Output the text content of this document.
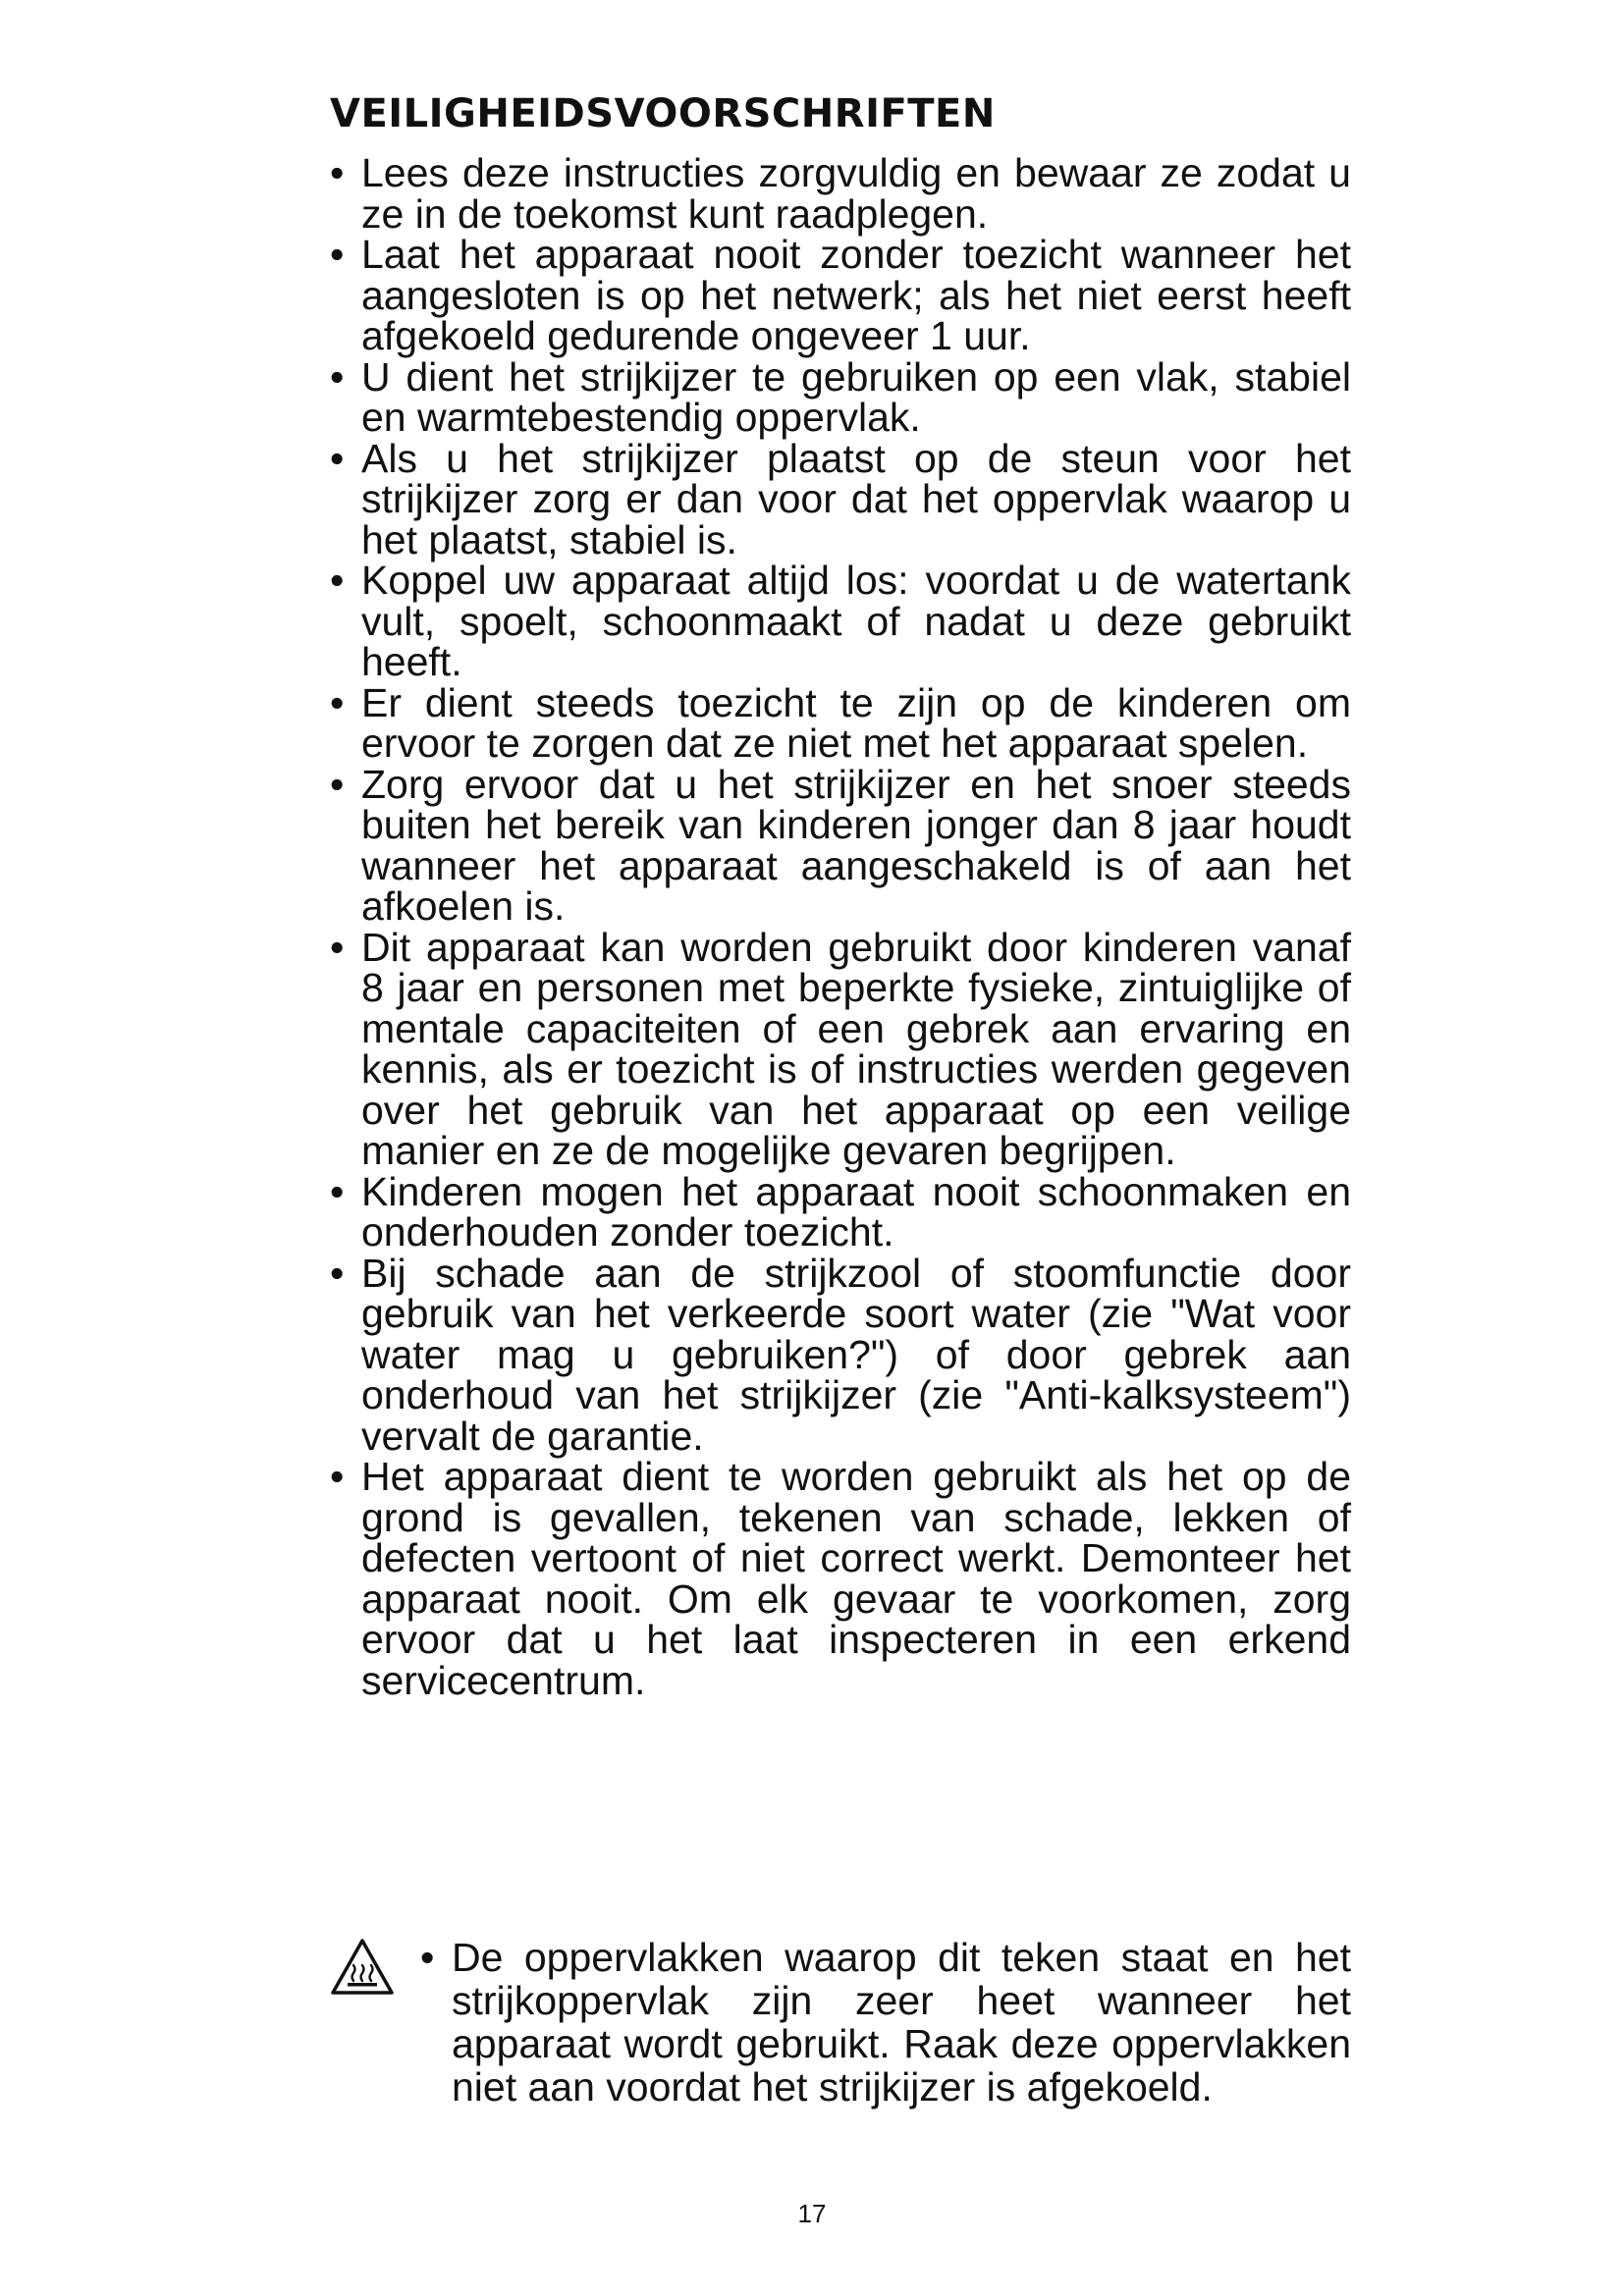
VEILIGHEIDSVOORSCHRIFTEN
• Lees deze instructies zorgvuldig en bewaar ze zodat u ze in de toekomst kunt raadplegen.
• Laat het apparaat nooit zonder toezicht wanneer het aangesloten is op het netwerk; als het niet eerst heeft afgekoeld gedurende ongeveer 1 uur.
• U dient het strijkijzer te gebruiken op een vlak, stabiel en warmtebestendig oppervlak.
• Als u het strijkijzer plaatst op de steun voor het strijkijzer zorg er dan voor dat het oppervlak waarop u het plaatst, stabiel is.
• Koppel uw apparaat altijd los: voordat u de watertank vult, spoelt, schoonmaakt of nadat u deze gebruikt heeft.
• Er dient steeds toezicht te zijn op de kinderen om ervoor te zorgen dat ze niet met het apparaat spelen.
• Zorg ervoor dat u het strijkijzer en het snoer steeds buiten het bereik van kinderen jonger dan 8 jaar houdt wanneer het apparaat aangeschakeld is of aan het afkoelen is.
• Dit apparaat kan worden gebruikt door kinderen vanaf 8 jaar en personen met beperkte fysieke, zintuiglijke of mentale capaciteiten of een gebrek aan ervaring en kennis, als er toezicht is of instructies werden gegeven over het gebruik van het apparaat op een veilige manier en ze de mogelijke gevaren begrijpen.
• Kinderen mogen het apparaat nooit schoonmaken en onderhouden zonder toezicht.
• Bij schade aan de strijkzool of stoomfunctie door gebruik van het verkeerde soort water (zie "Wat voor water mag u gebruiken?") of door gebrek aan onderhoud van het strijkijzer (zie "Anti-kalksysteem") vervalt de garantie.
• Het apparaat dient te worden gebruikt als het op de grond is gevallen, tekenen van schade, lekken of defecten vertoont of niet correct werkt. Demonteer het apparaat nooit. Om elk gevaar te voorkomen, zorg ervoor dat u het laat inspecteren in een erkend servicecentrum.
• De oppervlakken waarop dit teken staat en het strijkoppervlak zijn zeer heet wanneer het apparaat wordt gebruikt. Raak deze oppervlakken niet aan voordat het strijkijzer is afgekoeld.
17
